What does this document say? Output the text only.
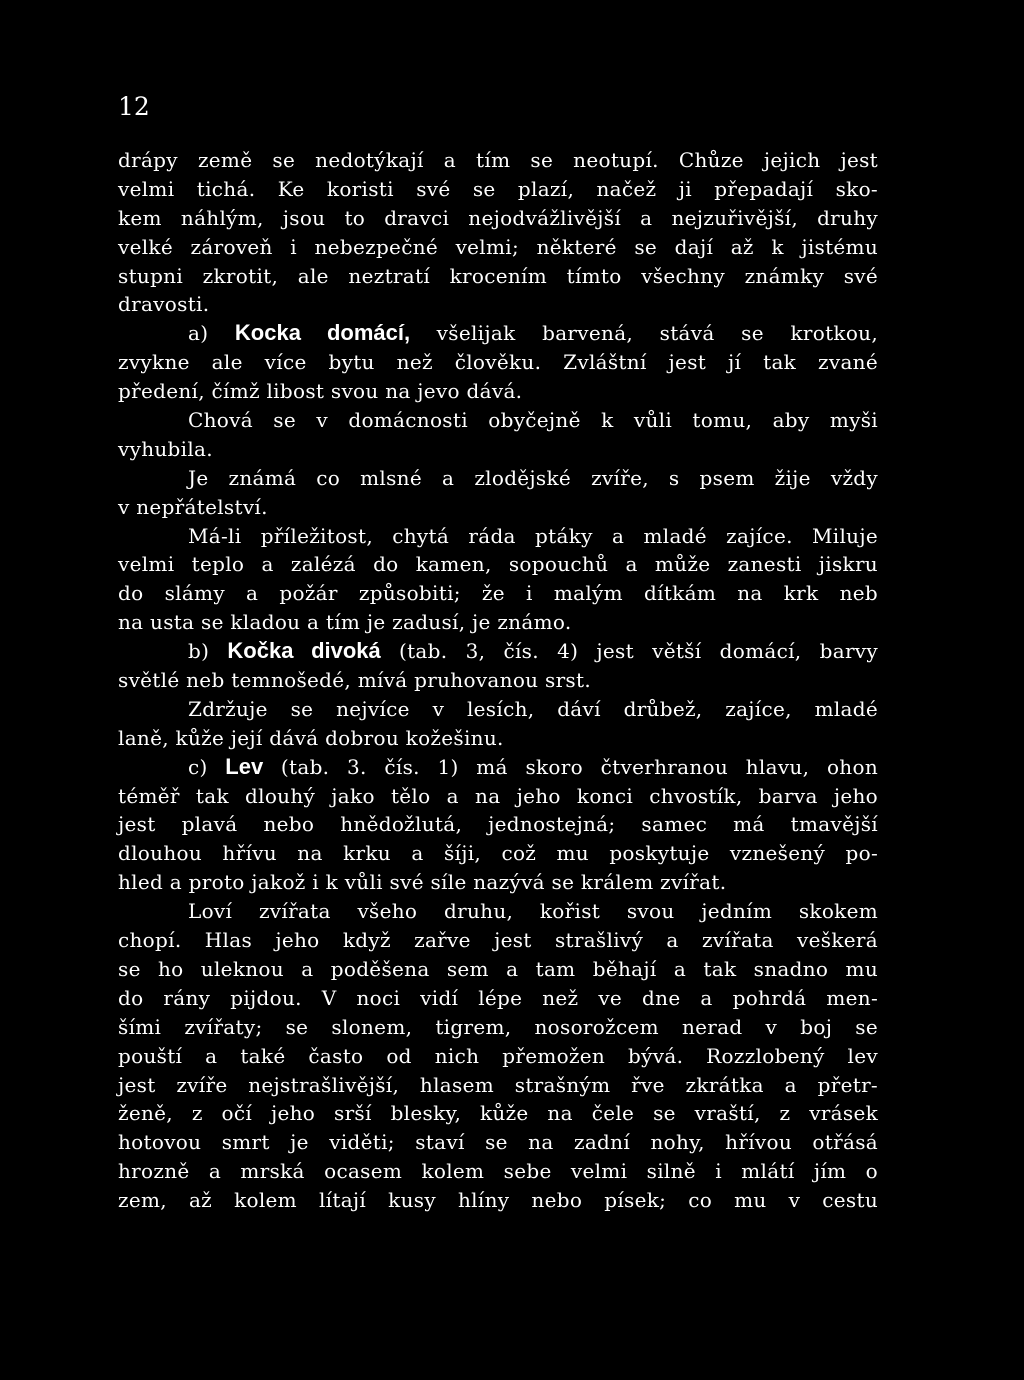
12
drápy země se nedotýkají a tím se neotupí. Chůze jejich jest
velmi tichá. Ke koristi své se plazí, načež ji přepadají sko-
kem náhlým, jsou to dravci nejodvážlivější a nejzuřivější, druhy
velké zároveň i nebezpečné velmi; některé se dají až k jistému
stupni zkrotit, ale neztratí krocením tímto všechny známky své
dravosti.
a) Kocka domácí, všelijak barvená, stává se krotkou,
zvykne ale více bytu než člověku. Zvláštní jest jí tak zvané
předení, čímž libost svou na jevo dává.
Chová se v domácnosti obyčejně k vůli tomu, aby myši
vyhubila.
Je známá co mlsné a zlodějské zvíře, s psem žije vždy
v nepřátelství.
Má-li příležitost, chytá ráda ptáky a mladé zajíce. Miluje
velmi teplo a zalézá do kamen, sopouchů a může zanesti jiskru
do slámy a požár způsobiti; že i malým dítkám na krk neb
na usta se kladou a tím je zadusí, je známo.
b) Kočka divoká (tab. 3, čís. 4) jest větší domácí, barvy
světlé neb temnošedé, mívá pruhovanou srst.
Zdržuje se nejvíce v lesích, dáví drůbež, zajíce, mladé
laně, kůže její dává dobrou kožešinu.
c) Lev (tab. 3. čís. 1) má skoro čtverhranou hlavu, ohon
téměř tak dlouhý jako tělo a na jeho konci chvostík, barva jeho
jest plavá nebo hnědožlutá, jednostejná; samec má tmavější
dlouhou hřívu na krku a šíji, což mu poskytuje vznešený po-
hled a proto jakož i k vůli své síle nazývá se králem zvířat.
Loví zvířata všeho druhu, kořist svou jedním skokem
chopí. Hlas jeho když zařve jest strašlivý a zvířata veškerá
se ho uleknou a poděšena sem a tam běhají a tak snadno mu
do rány pijdou. V noci vidí lépe než ve dne a pohrdá men-
šími zvířaty; se slonem, tigrem, nosorožcem nerad v boj se
pouští a také často od nich přemožen bývá. Rozzlobený lev
jest zvíře nejstrašlivější, hlasem strašným řve zkrátka a přetr-
ženě, z očí jeho srší blesky, kůže na čele se vraští, z vrásek
hotovou smrt je viděti; staví se na zadní nohy, hřívou otřásá
hrozně a mrská ocasem kolem sebe velmi silně i mlátí jím o
zem, až kolem lítají kusy hlíny nebo písek; co mu v cestu
